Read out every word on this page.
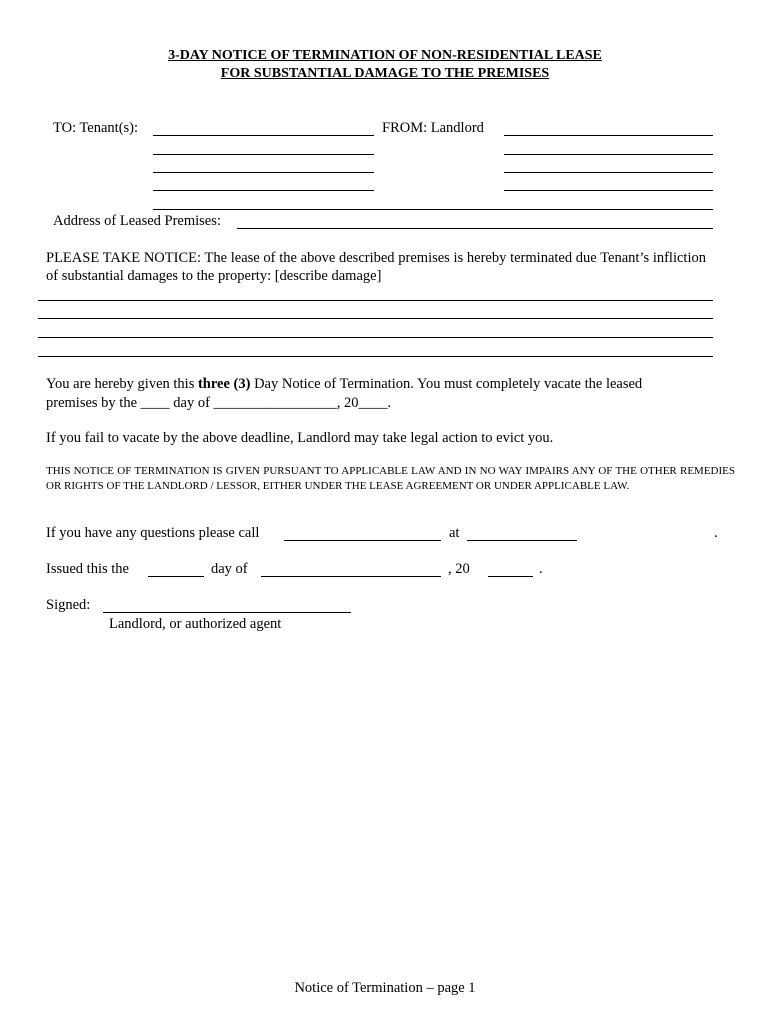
3-DAY NOTICE OF TERMINATION OF NON-RESIDENTIAL LEASE
FOR SUBSTANTIAL DAMAGE TO THE PREMISES
TO: Tenant(s):	FROM: Landlord
Address of Leased Premises:
PLEASE TAKE NOTICE: The lease of the above described premises is hereby terminated due Tenant’s infliction of substantial damages to the property: [describe damage]
You are hereby given this three (3) Day Notice of Termination. You must completely vacate the leased
premises by the ____ day of _________________, 20____.
If you fail to vacate by the above deadline, Landlord may take legal action to evict you.
THIS NOTICE OF TERMINATION IS GIVEN PURSUANT TO APPLICABLE LAW AND IN NO WAY IMPAIRS ANY OF THE OTHER REMEDIES OR RIGHTS OF THE LANDLORD / LESSOR, EITHER UNDER THE LEASE AGREEMENT OR UNDER APPLICABLE LAW.
If you have any questions please call	at	.
Issued this the	day of	, 20	.
Signed:
Landlord, or authorized agent
Notice of Termination – page 1
